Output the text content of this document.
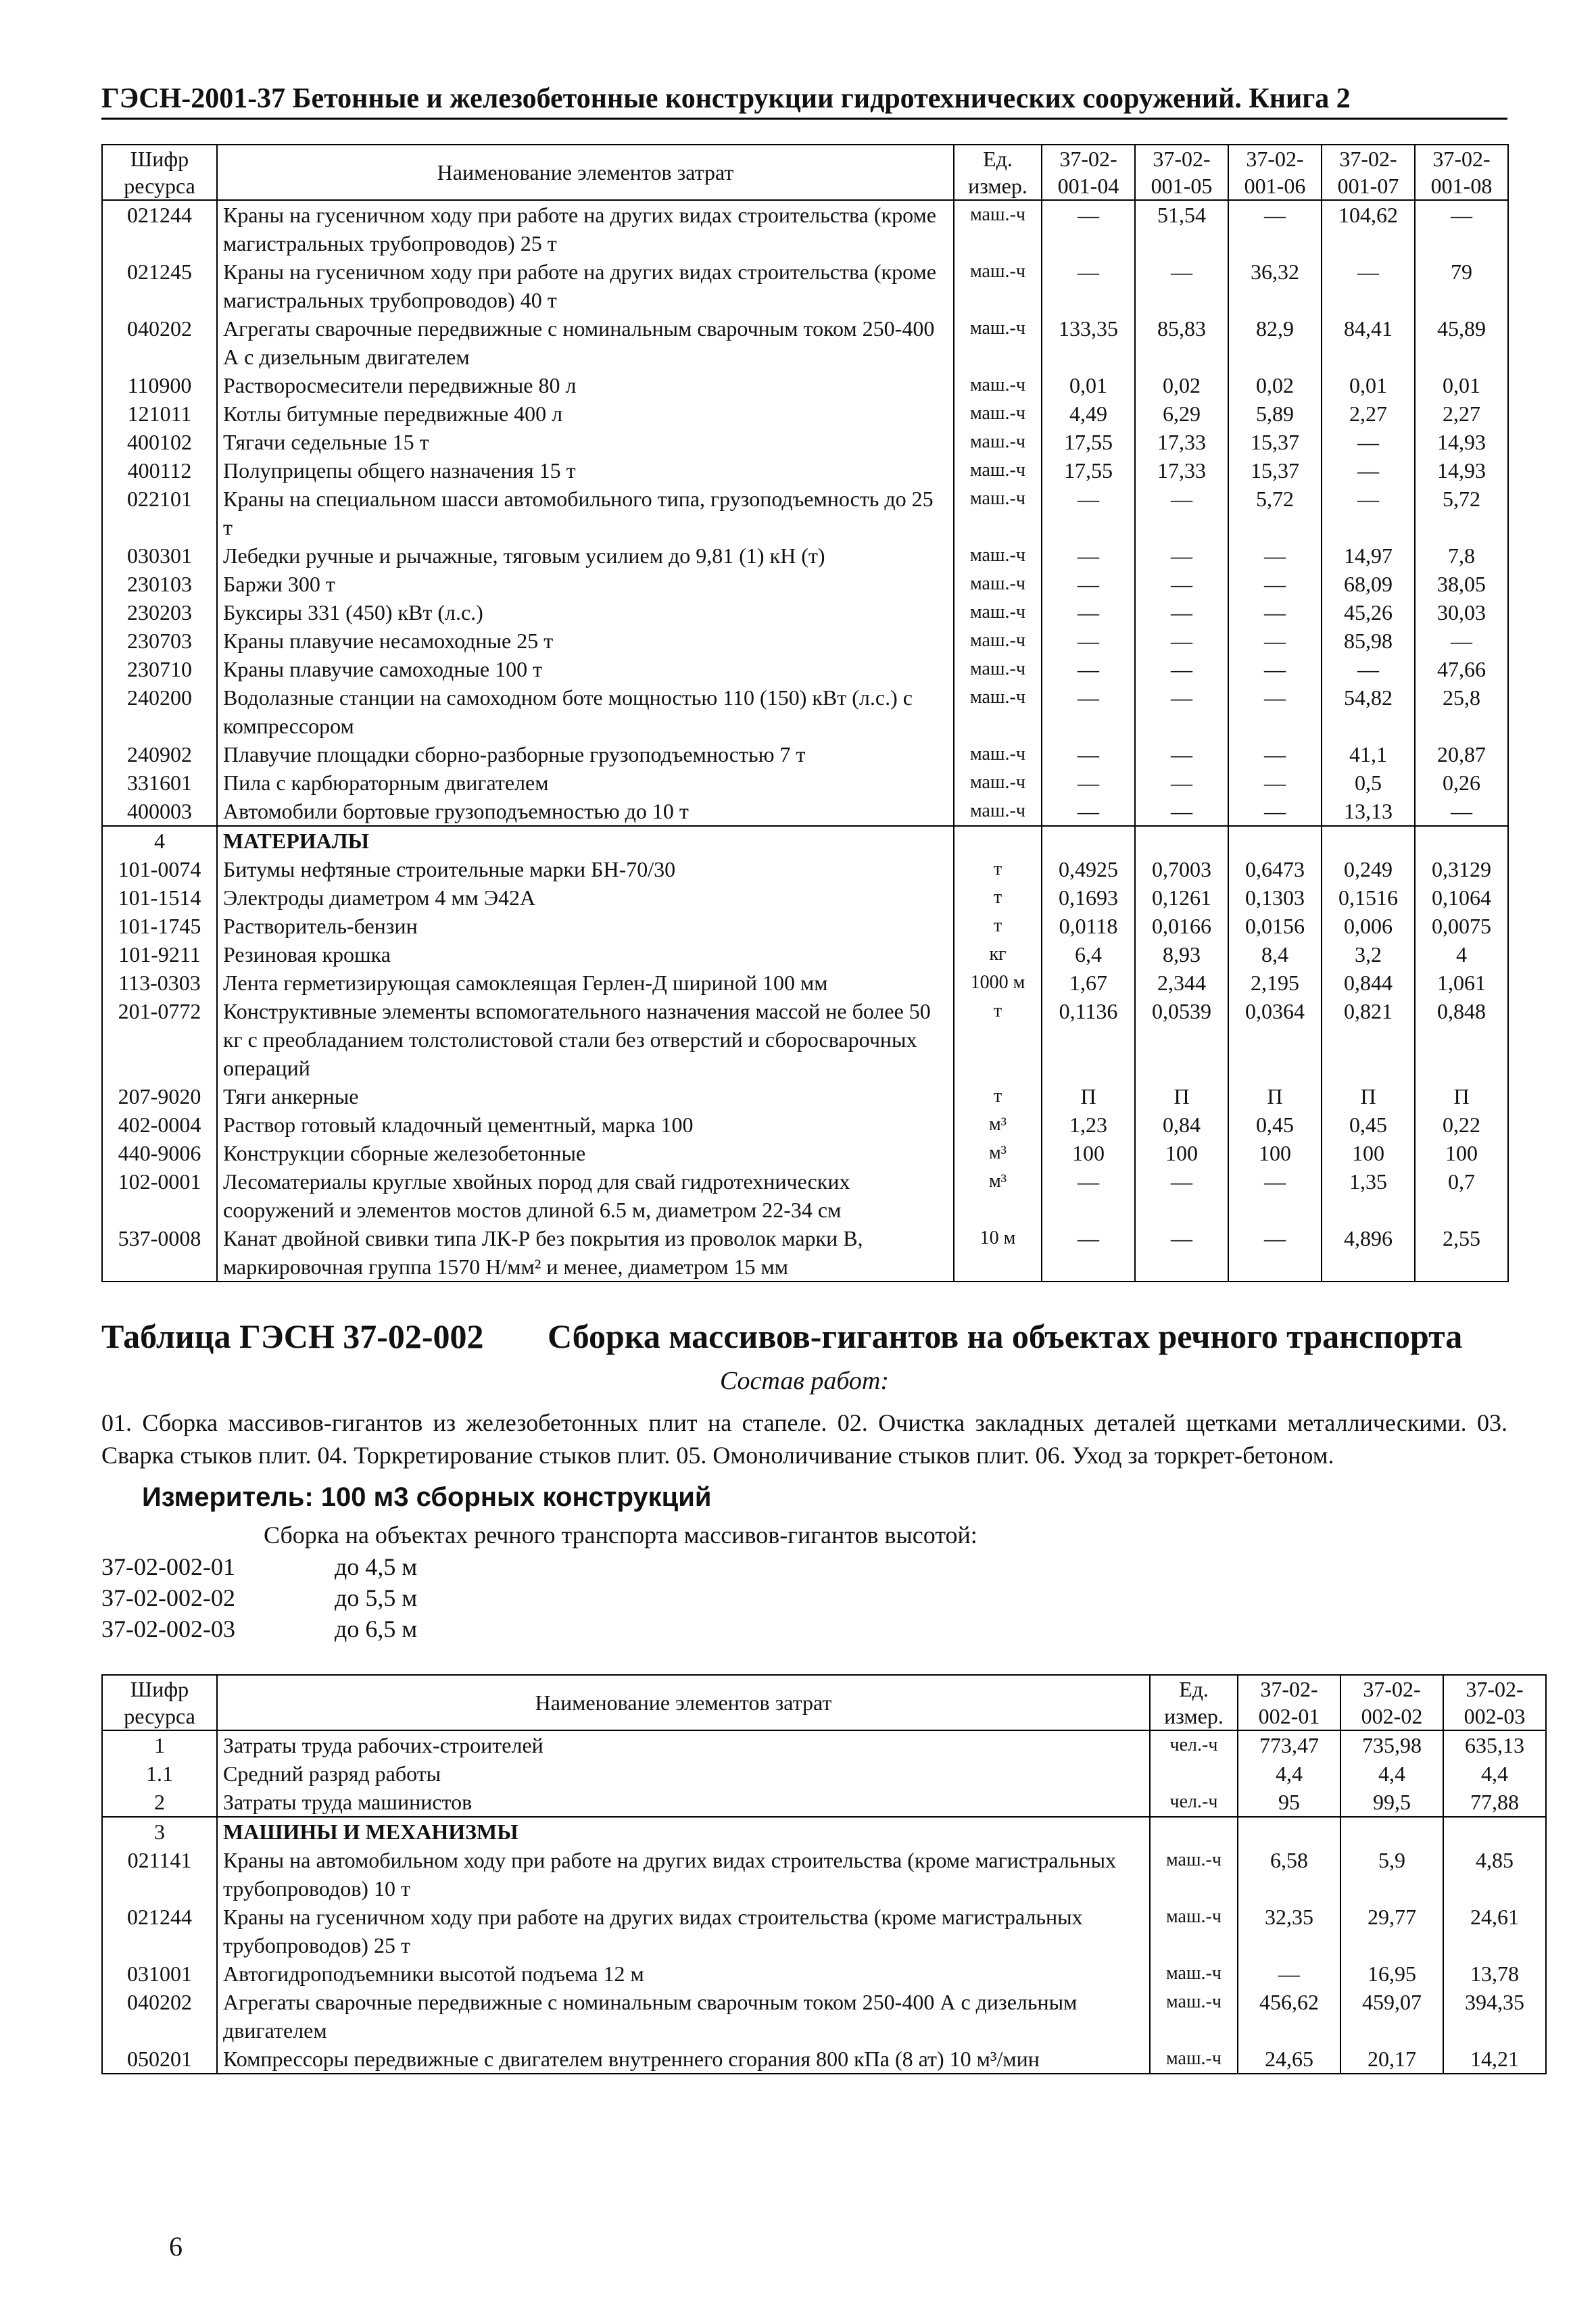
ГЭСН-2001-37 Бетонные и железобетонные конструкции гидротехнических сооружений. Книга 2
Шифр ресурса	Наименование элементов затрат	Ед. измер.	37-02-001-04	37-02-001-05	37-02-001-06	37-02-001-07	37-02-001-08
021244	Краны на гусеничном ходу при работе на других видах строительства (кроме магистральных трубопроводов) 25 т	маш.-ч	—	51,54	—	104,62	—
021245	Краны на гусеничном ходу при работе на других видах строительства (кроме магистральных трубопроводов) 40 т	маш.-ч	—	—	36,32	—	79
040202	Агрегаты сварочные передвижные с номинальным сварочным током 250-400 А с дизельным двигателем	маш.-ч	133,35	85,83	82,9	84,41	45,89
110900	Растворосмесители передвижные 80 л	маш.-ч	0,01	0,02	0,02	0,01	0,01
121011	Котлы битумные передвижные 400 л	маш.-ч	4,49	6,29	5,89	2,27	2,27
400102	Тягачи седельные 15 т	маш.-ч	17,55	17,33	15,37	—	14,93
400112	Полуприцепы общего назначения 15 т	маш.-ч	17,55	17,33	15,37	—	14,93
022101	Краны на специальном шасси автомобильного типа, грузоподъемность до 25 т	маш.-ч	—	—	5,72	—	5,72
030301	Лебедки ручные и рычажные, тяговым усилием до 9,81 (1) кН (т)	маш.-ч	—	—	—	14,97	7,8
230103	Баржи 300 т	маш.-ч	—	—	—	68,09	38,05
230203	Буксиры 331 (450) кВт (л.с.)	маш.-ч	—	—	—	45,26	30,03
230703	Краны плавучие несамоходные 25 т	маш.-ч	—	—	—	85,98	—
230710	Краны плавучие самоходные 100 т	маш.-ч	—	—	—	—	47,66
240200	Водолазные станции на самоходном боте мощностью 110 (150) кВт (л.с.) с компрессором	маш.-ч	—	—	—	54,82	25,8
240902	Плавучие площадки сборно-разборные грузоподъемностью 7 т	маш.-ч	—	—	—	41,1	20,87
331601	Пила с карбюраторным двигателем	маш.-ч	—	—	—	0,5	0,26
400003	Автомобили бортовые грузоподъемностью до 10 т	маш.-ч	—	—	—	13,13	—
4	МАТЕРИАЛЫ						
101-0074	Битумы нефтяные строительные марки БН-70/30	т	0,4925	0,7003	0,6473	0,249	0,3129
101-1514	Электроды диаметром 4 мм Э42А	т	0,1693	0,1261	0,1303	0,1516	0,1064
101-1745	Растворитель-бензин	т	0,0118	0,0166	0,0156	0,006	0,0075
101-9211	Резиновая крошка	кг	6,4	8,93	8,4	3,2	4
113-0303	Лента герметизирующая самоклеящая Герлен-Д шириной 100 мм	1000 м	1,67	2,344	2,195	0,844	1,061
201-0772	Конструктивные элементы вспомогательного назначения массой не более 50 кг с преобладанием толстолистовой стали без отверстий и сборосварочных операций	т	0,1136	0,0539	0,0364	0,821	0,848
207-9020	Тяги анкерные	т	П	П	П	П	П
402-0004	Раствор готовый кладочный цементный, марка 100	м³	1,23	0,84	0,45	0,45	0,22
440-9006	Конструкции сборные железобетонные	м³	100	100	100	100	100
102-0001	Лесоматериалы круглые хвойных пород для свай гидротехнических сооружений и элементов мостов длиной 6.5 м, диаметром 22-34 см	м³	—	—	—	1,35	0,7
537-0008	Канат двойной свивки типа ЛК-Р без покрытия из проволок марки В, маркировочная группа 1570 Н/мм² и менее, диаметром 15 мм	10 м	—	—	—	4,896	2,55
Таблица ГЭСН 37-02-002	Сборка массивов-гигантов на объектах речного транспорта
Состав работ:
01. Сборка массивов-гигантов из железобетонных плит на стапеле. 02. Очистка закладных деталей щетками металлическими. 03. Сварка стыков плит. 04. Торкретирование стыков плит. 05. Омоноличивание стыков плит. 06. Уход за торкрет-бетоном.
Измеритель: 100 м3 сборных конструкций
Сборка на объектах речного транспорта массивов-гигантов высотой:
37-02-002-01	до 4,5 м
37-02-002-02	до 5,5 м
37-02-002-03	до 6,5 м
Шифр ресурса	Наименование элементов затрат	Ед. измер.	37-02-002-01	37-02-002-02	37-02-002-03
1	Затраты труда рабочих-строителей	чел.-ч	773,47	735,98	635,13
1.1	Средний разряд работы		4,4	4,4	4,4
2	Затраты труда машинистов	чел.-ч	95	99,5	77,88
3	МАШИНЫ И МЕХАНИЗМЫ				
021141	Краны на автомобильном ходу при работе на других видах строительства (кроме магистральных трубопроводов) 10 т	маш.-ч	6,58	5,9	4,85
021244	Краны на гусеничном ходу при работе на других видах строительства (кроме магистральных трубопроводов) 25 т	маш.-ч	32,35	29,77	24,61
031001	Автогидроподъемники высотой подъема 12 м	маш.-ч	—	16,95	13,78
040202	Агрегаты сварочные передвижные с номинальным сварочным током 250-400 А с дизельным двигателем	маш.-ч	456,62	459,07	394,35
050201	Компрессоры передвижные с двигателем внутреннего сгорания 800 кПа (8 ат) 10 м³/мин	маш.-ч	24,65	20,17	14,21
6
